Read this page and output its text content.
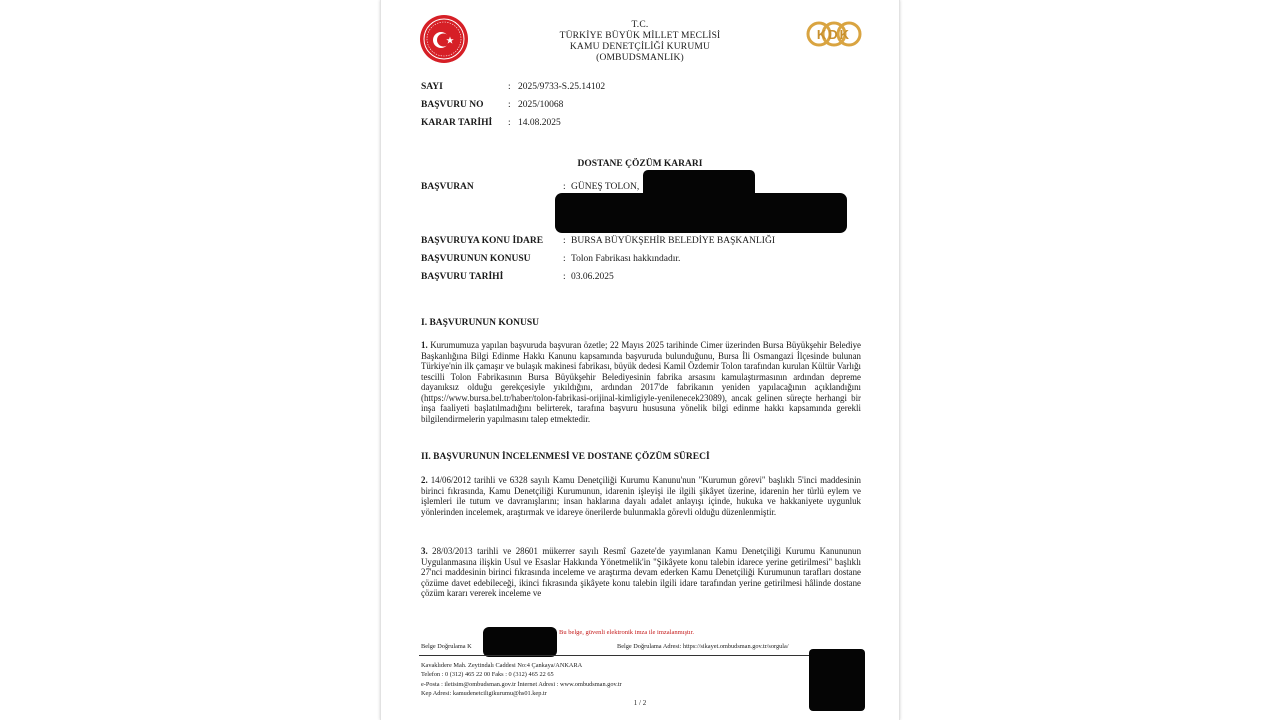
T.C.
TÜRKİYE BÜYÜK MİLLET MECLİSİ
KAMU DENETÇİLİĞİ KURUMU
(OMBUDSMANLIK)
KDK
SAYI	: 2025/9733-S.25.14102
BAŞVURU NO	: 2025/10068
KARAR TARİHİ : 14.08.2025
DOSTANE ÇÖZÜM KARARI
BAŞVURAN	: GÜNEŞ TOLON,
BAŞVURUYA KONU İDARE : BURSA BÜYÜKŞEHİR BELEDİYE BAŞKANLIĞI
BAŞVURUNUN KONUSU	: Tolon Fabrikası hakkındadır.
BAŞVURU TARİHİ	: 03.06.2025
I. BAŞVURUNUN KONUSU
1. Kurumumuza yapılan başvuruda başvuran özetle; 22 Mayıs 2025 tarihinde Cimer üzerinden Bursa Büyükşehir Belediye Başkanlığına Bilgi Edinme Hakkı Kanunu kapsamında başvuruda bulunduğunu, Bursa İli Osmangazi İlçesinde bulunan Türkiye'nin ilk çamaşır ve bulaşık makinesi fabrikası, büyük dedesi Kamil Özdemir Tolon tarafından kurulan Kültür Varlığı tescilli Tolon Fabrikasının Bursa Büyükşehir Belediyesinin fabrika arsasını kamulaştırmasının ardından depreme dayanıksız olduğu gerekçesiyle yıkıldığını, ardından 2017'de fabrikanın yeniden yapılacağının açıklandığını (https://www.bursa.bel.tr/haber/tolon-fabrikasi-orijinal-kimligiyle-yenilenecek23089), ancak gelinen süreçte herhangi bir inşa faaliyeti başlatılmadığını belirterek, tarafına başvuru hususuna yönelik bilgi edinme hakkı kapsamında gerekli bilgilendirmelerin yapılmasını talep etmektedir.
II. BAŞVURUNUN İNCELENMESİ VE DOSTANE ÇÖZÜM SÜRECİ
2. 14/06/2012 tarihli ve 6328 sayılı Kamu Denetçiliği Kurumu Kanunu'nun "Kurumun görevi" başlıklı 5'inci maddesinin birinci fıkrasında, Kamu Denetçiliği Kurumunun, idarenin işleyişi ile ilgili şikâyet üzerine, idarenin her türlü eylem ve işlemleri ile tutum ve davranışlarını; insan haklarına dayalı adalet anlayışı içinde, hukuka ve hakkaniyete uygunluk yönlerinden incelemek, araştırmak ve idareye önerilerde bulunmakla görevli olduğu düzenlenmiştir.
3. 28/03/2013 tarihli ve 28601 mükerrer sayılı Resmî Gazete'de yayımlanan Kamu Denetçiliği Kurumu Kanununun Uygulanmasına ilişkin Usul ve Esaslar Hakkında Yönetmelik'in "Şikâyete konu talebin idarece yerine getirilmesi" başlıklı 27'nci maddesinin birinci fıkrasında inceleme ve araştırma devam ederken Kamu Denetçiliği Kurumunun tarafları dostane çözüme davet edebileceği, ikinci fıkrasında şikâyete konu talebin ilgili idare tarafından yerine getirilmesi hâlinde dostane çözüm kararı vererek inceleme ve
Bu belge, güvenli elektronik imza ile imzalanmıştır.
Belge Doğrulama K	Belge Doğrulama Adresi: https://sikayet.ombudsman.gov.tr/sorgula/
Kavaklıdere Mah. Zeytindalı Caddesi No:4 Çankaya/ANKARA
Telefon : 0 (312) 465 22 00 Faks : 0 (312) 465 22 65
e-Posta : iletisim@ombudsman.gov.tr İnternet Adresi : www.ombudsman.gov.tr
Kep Adresi: kamudenetciligikurumu@hs01.kep.tr
1 / 2
